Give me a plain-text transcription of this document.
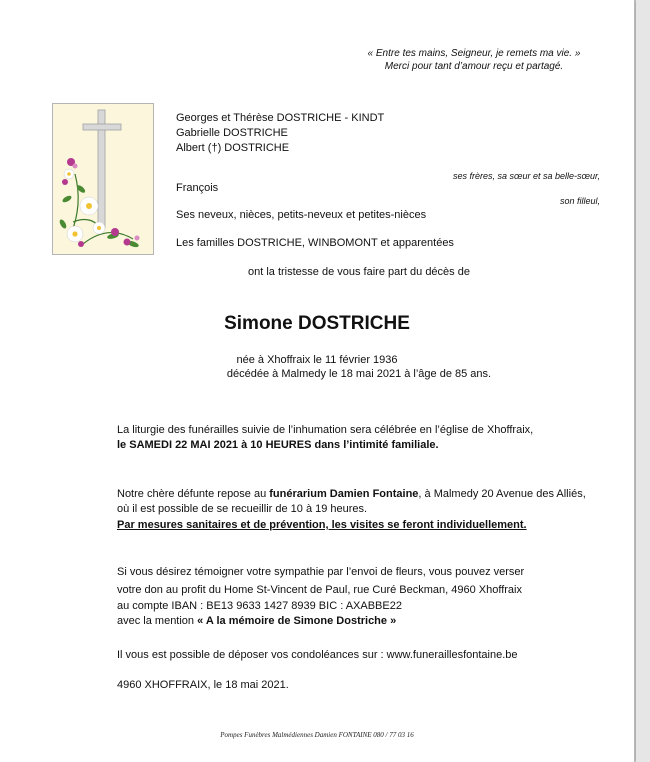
« Entre tes mains, Seigneur, je remets ma vie. »
Merci pour tant d’amour reçu et partagé.
Georges et Thérèse DOSTRICHE - KINDT
Gabrielle DOSTRICHE
Albert (†) DOSTRICHE
ses frères, sa sœur et sa belle-sœur,
François
son filleul,
Ses neveux, nièces, petits-neveux et petites-nièces
Les familles DOSTRICHE, WINBOMONT et apparentées
ont la tristesse de vous faire part du décès de
Simone DOSTRICHE
née à Xhoffraix le 11 février 1936
décédée à Malmedy le 18 mai 2021 à l’âge de 85 ans.
La liturgie des funérailles suivie de l’inhumation sera célébrée en l’église de Xhoffraix,
le SAMEDI 22 MAI 2021 à 10 HEURES dans l’intimité familiale.
Notre chère défunte repose au funérarium Damien Fontaine, à Malmedy 20 Avenue des Alliés,
où il est possible de se recueillir de 10 à 19 heures.
Par mesures sanitaires et de prévention, les visites se feront individuellement.
Si vous désirez témoigner votre sympathie par l’envoi de fleurs, vous pouvez verser
votre don au profit du Home St-Vincent de Paul, rue Curé Beckman, 4960 Xhoffraix
au compte IBAN : BE13 9633 1427 8939 BIC : AXABBE22
avec la mention « A la mémoire de Simone Dostriche »
Il vous est possible de déposer vos condoléances sur : www.funeraillesfontaine.be
4960 XHOFFRAIX, le 18 mai 2021.
Pompes Funèbres Malmédiennes Damien FONTAINE 080 / 77 03 16
